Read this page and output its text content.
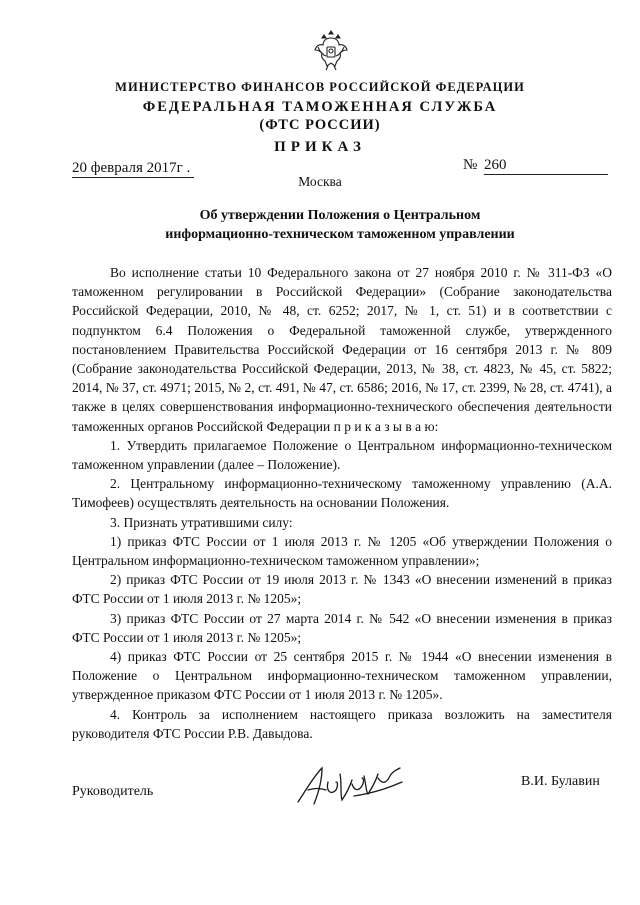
МИНИСТЕРСТВО ФИНАНСОВ РОССИЙСКОЙ ФЕДЕРАЦИИ
ФЕДЕРАЛЬНАЯ ТАМОЖЕННАЯ СЛУЖБА
(ФТС РОССИИ)
ПРИКАЗ
20 февраля 2017г .	№ 260
Москва

Об утверждении Положения о Центральном

информационно-техническом таможенном управлении

Во исполнение статьи 10 Федерального закона от 27 ноября 2010 г. № 311-ФЗ «О таможенном регулировании в Российской Федерации» (Собрание законодательства Российской Федерации, 2010, № 48, ст. 6252; 2017, № 1, ст. 51) и в соответствии с подпунктом 6.4 Положения о Федеральной таможенной службе, утвержденного постановлением Правительства Российской Федерации от 16 сентября 2013 г. № 809 (Собрание законодательства Российской Федерации, 2013, № 38, ст. 4823, № 45, ст. 5822; 2014, № 37, ст. 4971; 2015, № 2, ст. 491, № 47, ст. 6586; 2016, № 17, ст. 2399, № 28, ст. 4741), а также в целях совершенствования информационно-технического обеспечения деятельности таможенных органов Российской Федерации п р и к а з ы в а ю:

1. Утвердить прилагаемое Положение о Центральном информационно-техническом таможенном управлении (далее – Положение).

2. Центральному информационно-техническому таможенному управлению (А.А. Тимофеев) осуществлять деятельность на основании Положения.

3. Признать утратившими силу:

1) приказ ФТС России от 1 июля 2013 г. № 1205 «Об утверждении Положения о Центральном информационно-техническом таможенном управлении»;

2) приказ ФТС России от 19 июля 2013 г. № 1343 «О внесении изменений в приказ ФТС России от 1 июля 2013 г. № 1205»;

3) приказ ФТС России от 27 марта 2014 г. № 542 «О внесении изменения в приказ ФТС России от 1 июля 2013 г. № 1205»;

4) приказ ФТС России от 25 сентября 2015 г. № 1944 «О внесении изменения в Положение о Центральном информационно-техническом таможенном управлении, утвержденное приказом ФТС России от 1 июля 2013 г. № 1205».

4. Контроль за исполнением настоящего приказа возложить на заместителя руководителя ФТС России Р.В. Давыдова.

Руководитель
В.И. Булавин
